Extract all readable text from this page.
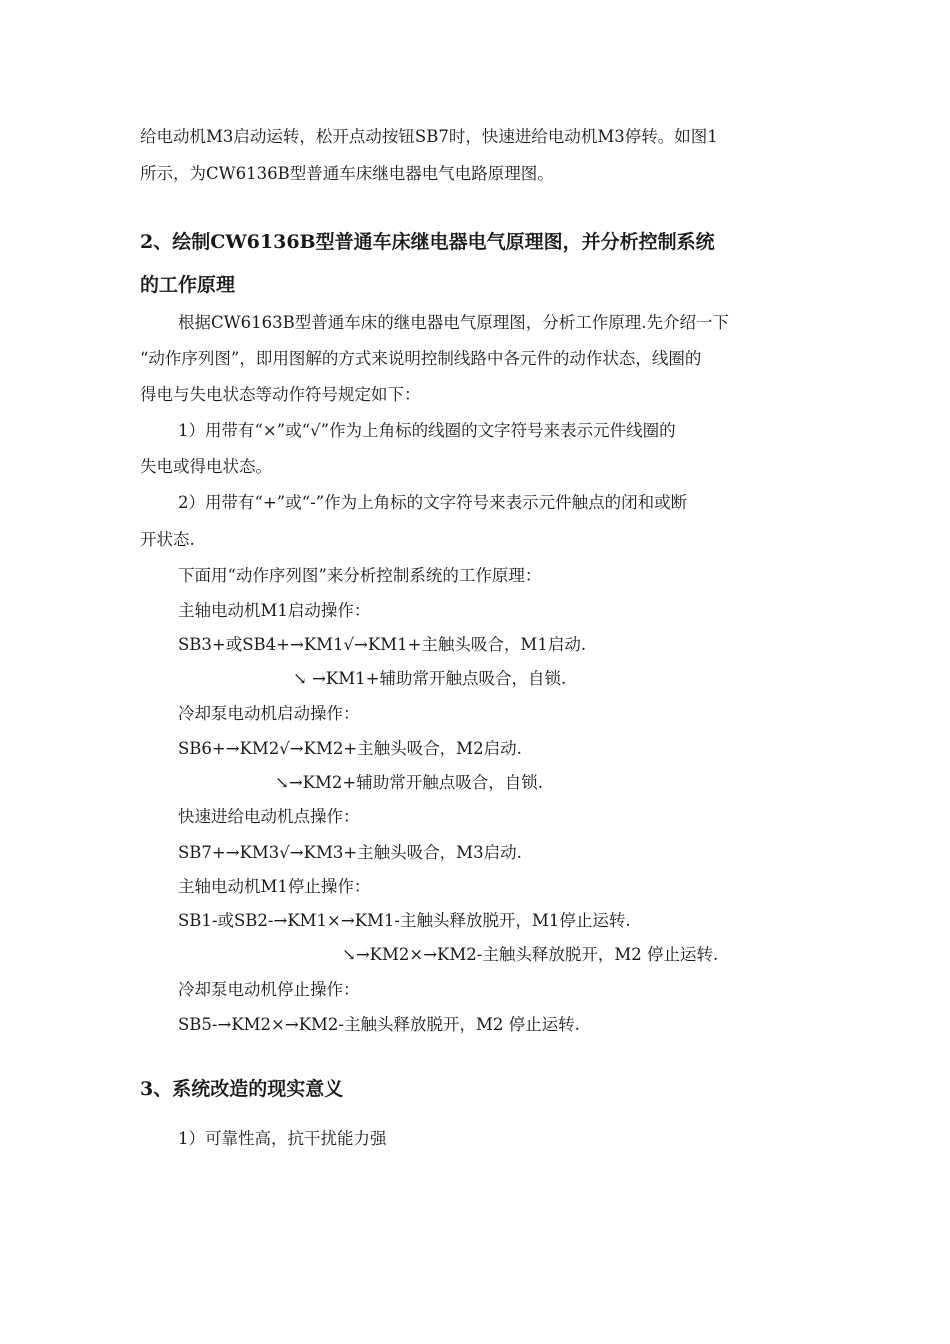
给电动机M3启动运转，松开点动按钮SB7时，快速进给电动机M3停转。如图1
所示，为CW6136B型普通车床继电器电气电路原理图。
2、绘制CW6136B型普通车床继电器电气原理图，并分析控制系统
的工作原理
根据CW6163B型普通车床的继电器电气原理图，分析工作原理.先介绍一下
“动作序列图”，即用图解的方式来说明控制线路中各元件的动作状态，线圈的
得电与失电状态等动作符号规定如下：
1）用带有“×”或“√”作为上角标的线圈的文字符号来表示元件线圈的
失电或得电状态。
2）用带有“+”或“-”作为上角标的文字符号来表示元件触点的闭和或断
开状态.
下面用“动作序列图”来分析控制系统的工作原理：
主轴电动机M1启动操作：
SB3+或SB4+→KM1√→KM1+主触头吸合，M1启动.
↘ →KM1+辅助常开触点吸合，自锁.
冷却泵电动机启动操作：
SB6+→KM2√→KM2+主触头吸合，M2启动.
↘→KM2+辅助常开触点吸合，自锁.
快速进给电动机点操作：
SB7+→KM3√→KM3+主触头吸合，M3启动.
主轴电动机M1停止操作：
SB1-或SB2-→KM1×→KM1-主触头释放脱开，M1停止运转.
↘→KM2×→KM2-主触头释放脱开，M2 停止运转.
冷却泵电动机停止操作：
SB5-→KM2×→KM2-主触头释放脱开，M2 停止运转.
3、系统改造的现实意义
1）可靠性高，抗干扰能力强
